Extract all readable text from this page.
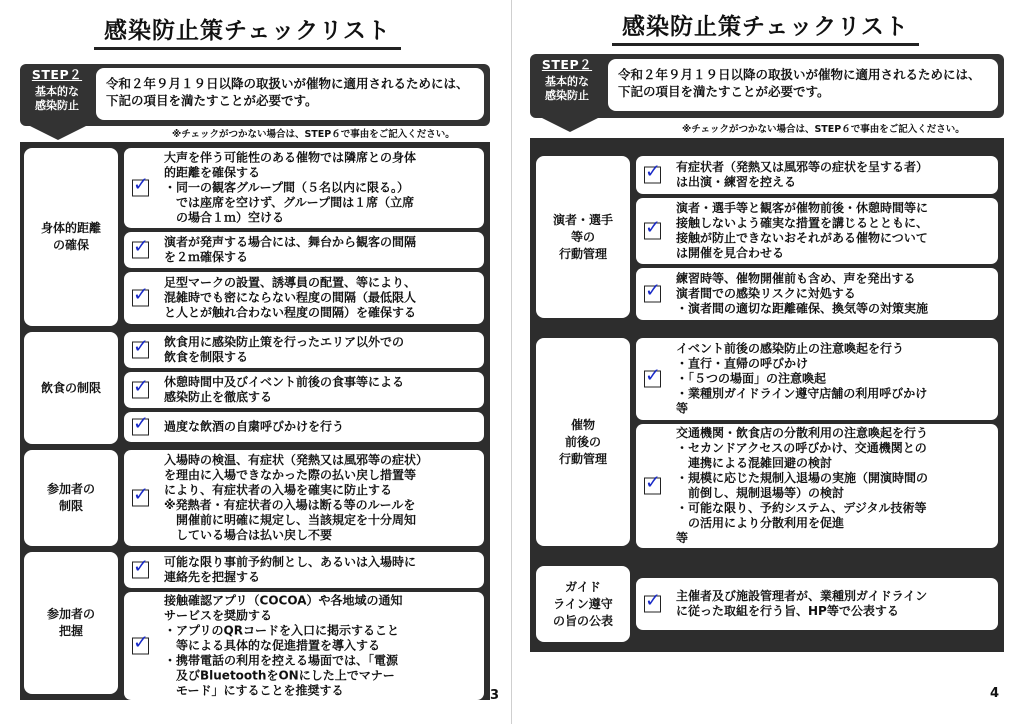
感染防止策チェックリスト
STEP２
基本的な
感染防止
令和２年９月１９日以降の取扱いが催物に適用されるためには、下記の項目を満たすことが必要です。
※チェックがつかない場合は、STEP６で事由をご記入ください。
身体的距離
の確保
✓
大声を伴う可能性のある催物では隣席との身体
的距離を確保する
・同一の観客グループ間（５名以内に限る。）
　では座席を空けず、グループ間は１席（立席
　の場合１ｍ）空ける
✓ 演者が発声する場合には、舞台から観客の間隔
を２ｍ確保する
✓
足型マークの設置、誘導員の配置、等により、
混雑時でも密にならない程度の間隔（最低限人
と人とが触れ合わない程度の間隔）を確保する
飲食の制限
✓ 飲食用に感染防止策を行ったエリア以外での
飲食を制限する
✓ 休憩時間中及びイベント前後の食事等による
感染防止を徹底する
✓ 過度な飲酒の自粛呼びかけを行う
参加者の
制限
✓
入場時の検温、有症状（発熱又は風邪等の症状）
を理由に入場できなかった際の払い戻し措置等
により、有症状者の入場を確実に防止する
※発熱者・有症状者の入場は断る等のルールを
　開催前に明確に規定し、当該規定を十分周知
　している場合は払い戻し不要
参加者の
把握
✓ 可能な限り事前予約制とし、あるいは入場時に
連絡先を把握する
✓
接触確認アプリ（COCOA）や各地域の通知
サービスを奨励する
・アプリのQRコードを入口に掲示すること
　等による具体的な促進措置を導入する
・携帯電話の利用を控える場面では、「電源
　及びBluetoothをONにした上でマナー
　モード」にすることを推奨する	3
感染防止策チェックリスト
STEP２
基本的な
感染防止
令和２年９月１９日以降の取扱いが催物に適用されるためには、下記の項目を満たすことが必要です。
※チェックがつかない場合は、STEP６で事由をご記入ください。
演者・選手
等の
行動管理
✓ 有症状者（発熱又は風邪等の症状を呈する者）
は出演・練習を控える
✓
演者・選手等と観客が催物前後・休憩時間等に
接触しないよう確実な措置を講じるとともに、
接触が防止できないおそれがある催物について
は開催を見合わせる
✓
練習時等、催物開催前も含め、声を発出する
演者間での感染リスクに対処する
・演者間の適切な距離確保、換気等の対策実施
催物
前後の
行動管理
✓
イベント前後の感染防止の注意喚起を行う
・直行・直帰の呼びかけ
・「５つの場面」の注意喚起
・業種別ガイドライン遵守店舗の利用呼びかけ
等
✓
交通機関・飲食店の分散利用の注意喚起を行う
・セカンドアクセスの呼びかけ、交通機関との
　連携による混雑回避の検討
・規模に応じた規制入退場の実施（開演時間の
　前倒し、規制退場等）の検討
・可能な限り、予約システム、デジタル技術等
　の活用により分散利用を促進
等
ガイド
ライン遵守
の旨の公表
✓ 主催者及び施設管理者が、業種別ガイドライン
に従った取組を行う旨、HP等で公表する
4
